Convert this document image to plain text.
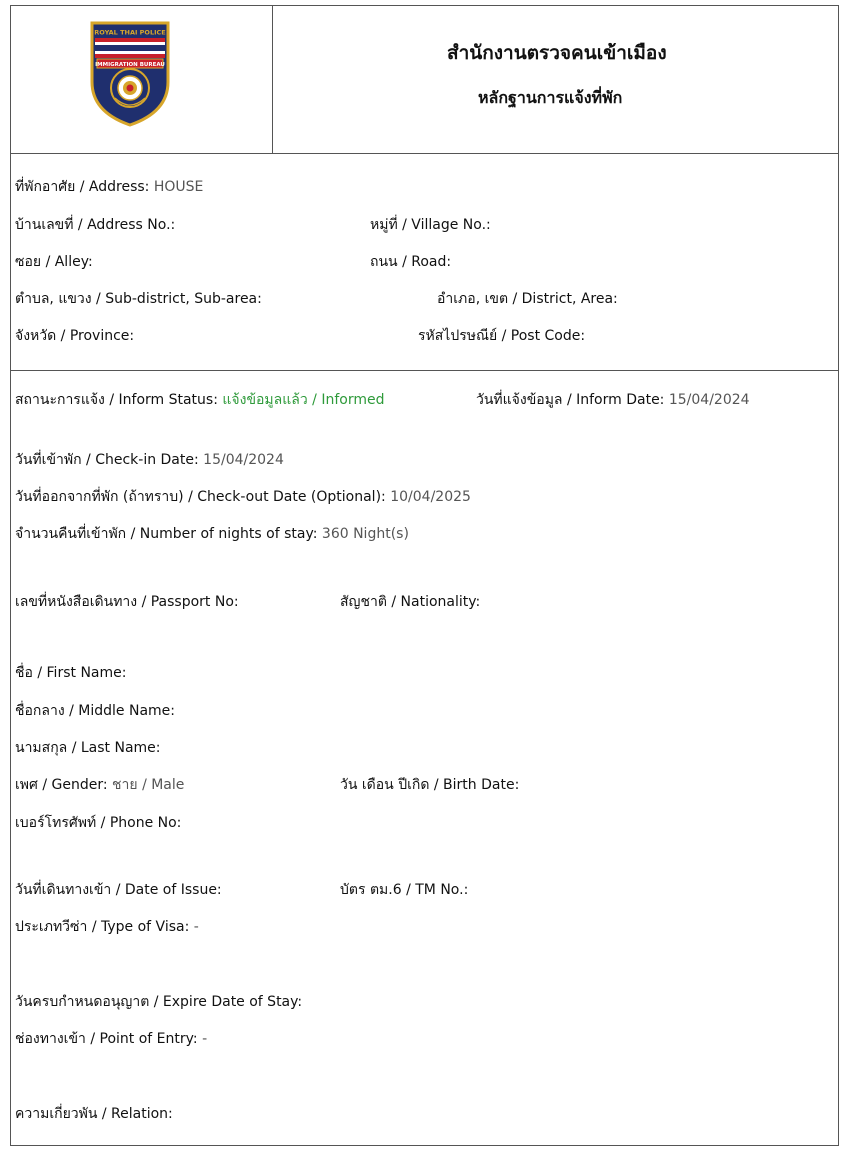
ROYAL THAI POLICE
IMMIGRATION BUREAU
สำนักงานตรวจคนเข้าเมือง
หลักฐานการแจ้งที่พัก
ที่พักอาศัย / Address: HOUSE
บ้านเลขที่ / Address No.:	หมู่ที่ / Village No.:
ซอย / Alley:	ถนน / Road:
ตำบล, แขวง / Sub-district, Sub-area:	อำเภอ, เขต / District, Area:
จังหวัด / Province:	รหัสไปรษณีย์ / Post Code:
สถานะการแจ้ง / Inform Status: แจ้งข้อมูลแล้ว / Informed	วันที่แจ้งข้อมูล / Inform Date: 15/04/2024
วันที่เข้าพัก / Check-in Date: 15/04/2024
วันที่ออกจากที่พัก (ถ้าทราบ) / Check-out Date (Optional): 10/04/2025
จำนวนคืนที่เข้าพัก / Number of nights of stay: 360 Night(s)
เลขที่หนังสือเดินทาง / Passport No:	สัญชาติ / Nationality:
ชื่อ / First Name:
ชื่อกลาง / Middle Name:
นามสกุล / Last Name:
เพศ / Gender: ชาย / Male	วัน เดือน ปีเกิด / Birth Date:
เบอร์โทรศัพท์ / Phone No:
วันที่เดินทางเข้า / Date of Issue:	บัตร ตม.6 / TM No.:
ประเภทวีซ่า / Type of Visa: -
วันครบกำหนดอนุญาต / Expire Date of Stay:
ช่องทางเข้า / Point of Entry: -
ความเกี่ยวพัน / Relation:
